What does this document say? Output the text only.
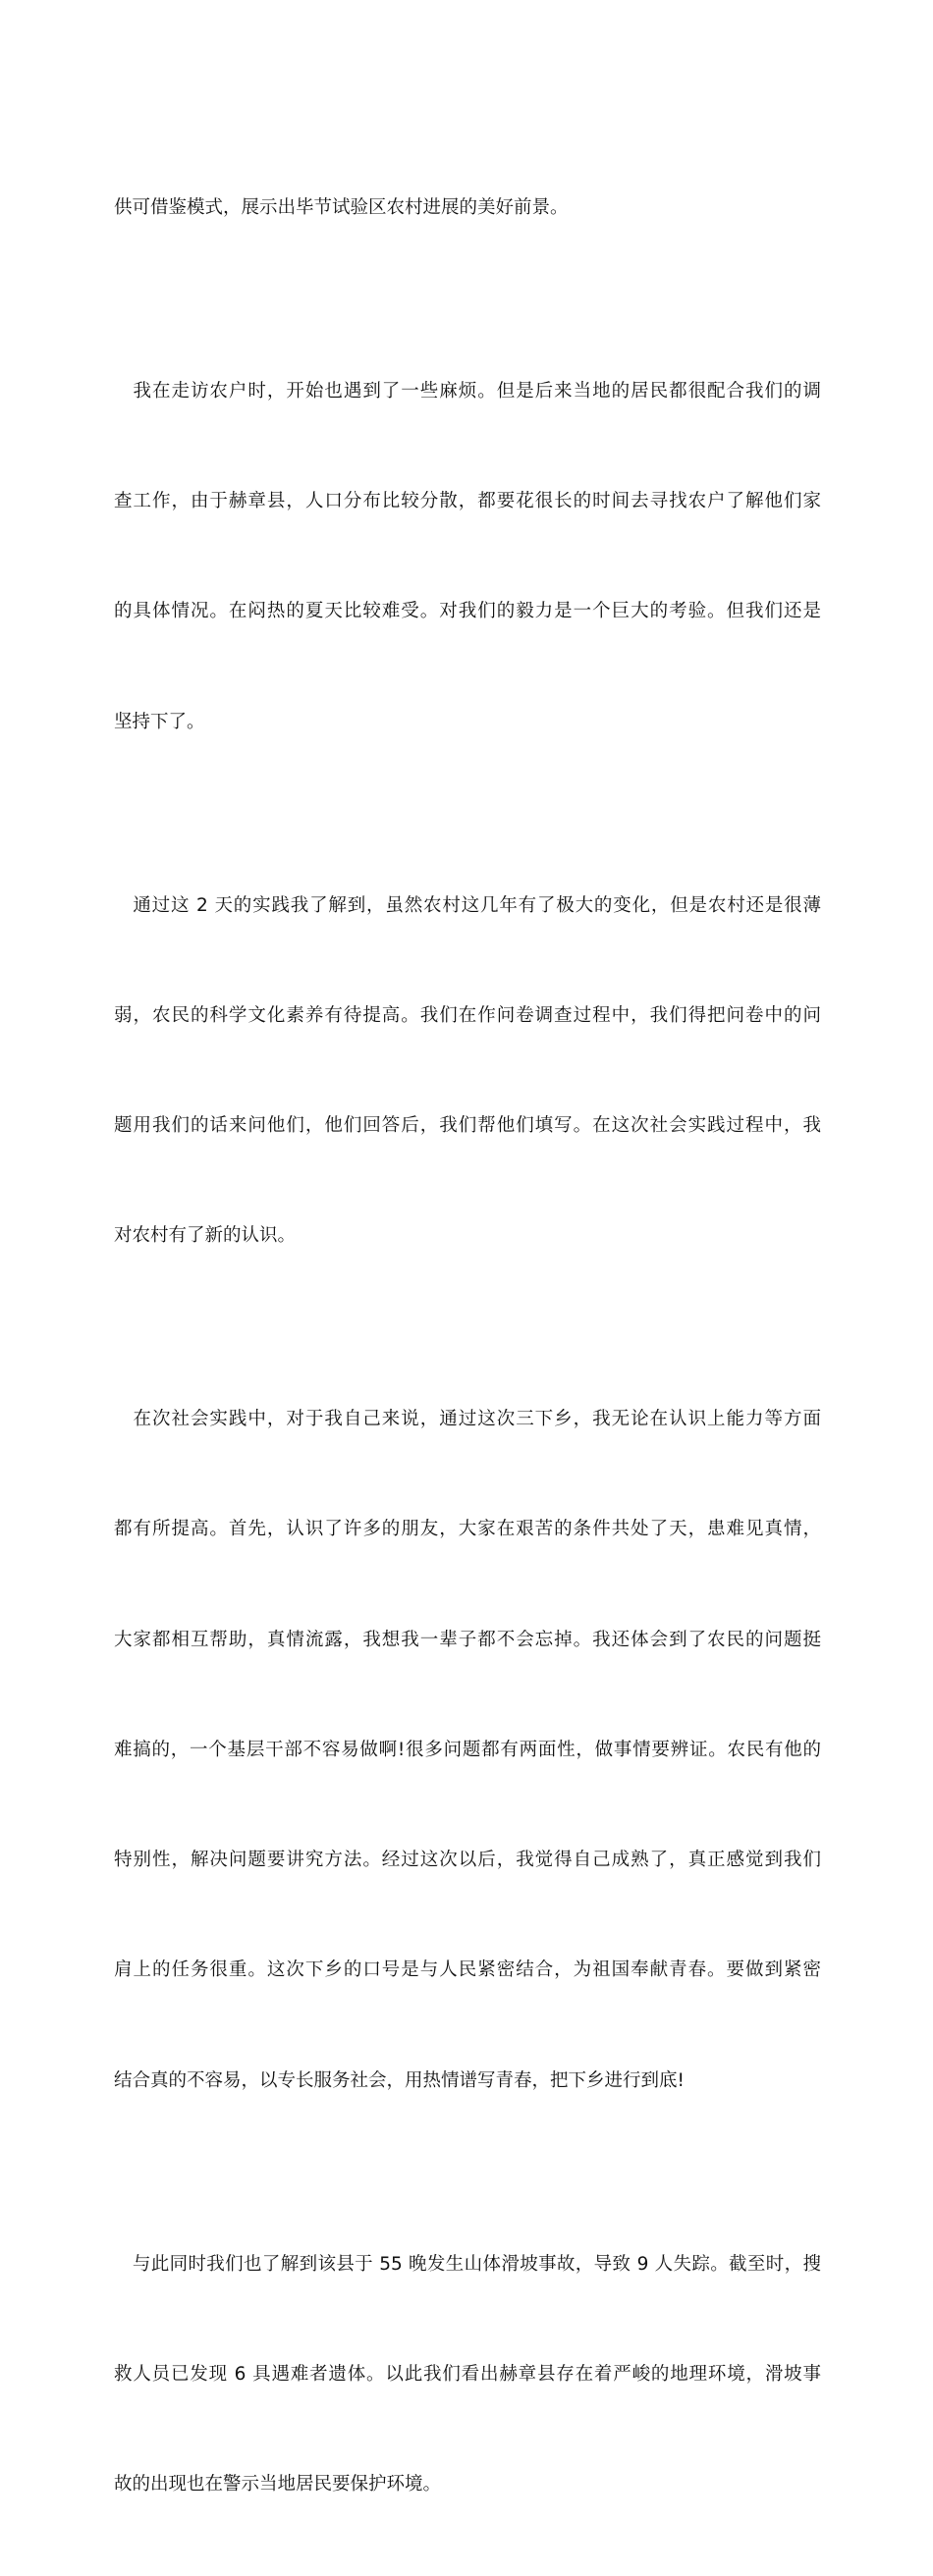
供可借鉴模式，展示出毕节试验区农村进展的美好前景。

我在走访农户时，开始也遇到了一些麻烦。但是后来当地的居民都很配合我们的调

查工作，由于赫章县，人口分布比较分散，都要花很长的时间去寻找农户了解他们家

的具体情况。在闷热的夏天比较难受。对我们的毅力是一个巨大的考验。但我们还是

坚持下了。

通过这 2 天的实践我了解到，虽然农村这几年有了极大的变化，但是农村还是很薄

弱，农民的科学文化素养有待提高。我们在作问卷调查过程中，我们得把问卷中的问

题用我们的话来问他们，他们回答后，我们帮他们填写。在这次社会实践过程中，我

对农村有了新的认识。

在次社会实践中，对于我自己来说，通过这次三下乡，我无论在认识上能力等方面

都有所提高。首先，认识了许多的朋友，大家在艰苦的条件共处了天，患难见真情，

大家都相互帮助，真情流露，我想我一辈子都不会忘掉。我还体会到了农民的问题挺

难搞的，一个基层干部不容易做啊!很多问题都有两面性，做事情要辨证。农民有他的

特别性，解决问题要讲究方法。经过这次以后，我觉得自己成熟了，真正感觉到我们

肩上的任务很重。这次下乡的口号是与人民紧密结合，为祖国奉献青春。要做到紧密

结合真的不容易，以专长服务社会，用热情谱写青春，把下乡进行到底!

与此同时我们也了解到该县于 55 晚发生山体滑坡事故，导致 9 人失踪。截至时，搜

救人员已发现 6 具遇难者遗体。以此我们看出赫章县存在着严峻的地理环境，滑坡事

故的出现也在警示当地居民要保护环境。
